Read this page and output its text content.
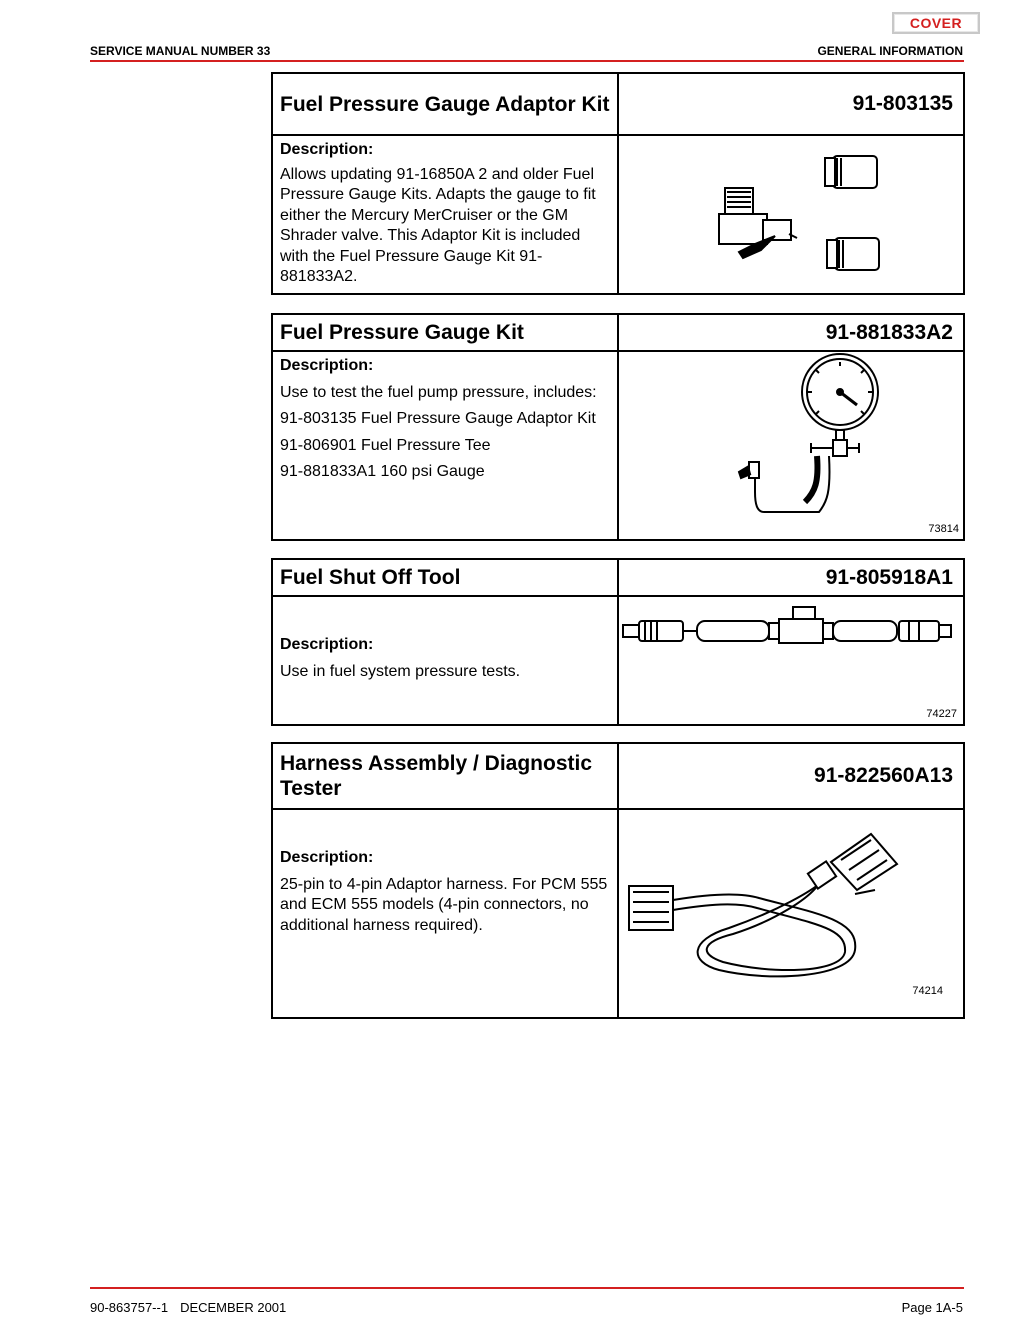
COVER
SERVICE MANUAL NUMBER 33	GENERAL INFORMATION
Fuel Pressure Gauge Adaptor Kit	91-803135
Description:

Allows updating 91-16850A 2 and older Fuel Pressure Gauge Kits. Adapts the gauge to fit either the Mercury MerCruiser or the GM Shrader valve. This Adaptor Kit is included with the Fuel Pressure Gauge Kit 91-881833A2.

Fuel Pressure Gauge Kit	91-881833A2
Description:

Use to test the fuel pump pressure, includes:

91-803135 Fuel Pressure Gauge Adaptor Kit

91-806901 Fuel Pressure Tee

91-881833A1 160 psi Gauge

73814
Fuel Shut Off Tool	91-805918A1
Description:

Use in fuel system pressure tests.

74227
Harness Assembly / Diagnostic Tester
91-822560A13
Description:

25-pin to 4-pin Adaptor harness. For PCM 555 and ECM 555 models (4-pin connectors, no additional harness required).

74214
90-863757--1 DECEMBER 2001	Page 1A-5
